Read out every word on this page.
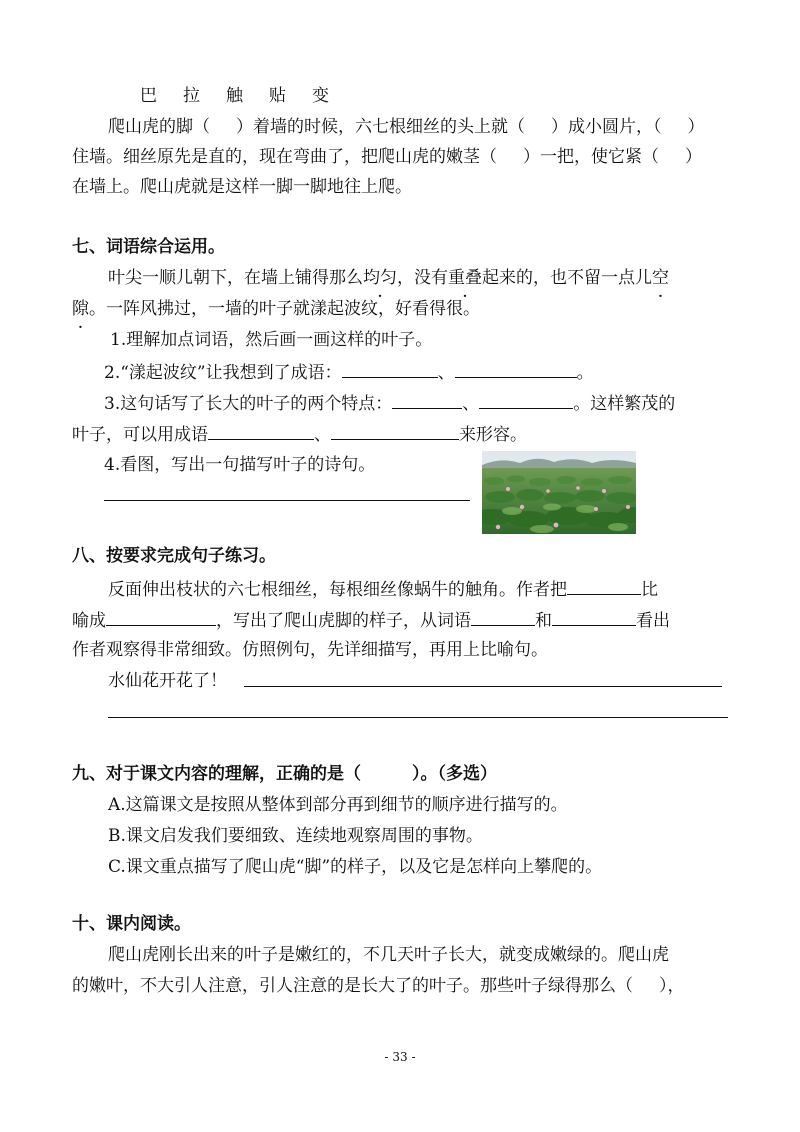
巴 拉 触 贴 变
爬山虎的脚（ ）着墙的时候，六七根细丝的头上就（ ）成小圆片，（ ）
住墙。细丝原先是直的，现在弯曲了，把爬山虎的嫩茎（ ）一把，使它紧（ ）
在墙上。爬山虎就是这样一脚一脚地往上爬。
七、词语综合运用。
叶尖一顺儿朝下，在墙上铺得那么均匀，没有重叠起来的，也不留一点儿空
隙。一阵风拂过，一墙的叶子就漾起波纹，好看得很。
1.理解加点词语，然后画一画这样的叶子。
2.“漾起波纹”让我想到了成语：	、	。
3.这句话写了长大的叶子的两个特点：	、	。这样繁茂的
叶子，可以用成语	、	来形容。
4.看图，写出一句描写叶子的诗句。
八、按要求完成句子练习。
反面伸出枝状的六七根细丝，每根细丝像蜗牛的触角。作者把	比
喻成	，写出了爬山虎脚的样子，从词语	和	看出
作者观察得非常细致。仿照例句，先详细描写，再用上比喻句。
水仙花开花了！
九、对于课文内容的理解，正确的是（　　　）。（多选）
A.这篇课文是按照从整体到部分再到细节的顺序进行描写的。
B.课文启发我们要细致、连续地观察周围的事物。
C.课文重点描写了爬山虎“脚”的样子，以及它是怎样向上攀爬的。
十、课内阅读。
爬山虎刚长出来的叶子是嫩红的，不几天叶子长大，就变成嫩绿的。爬山虎
的嫩叶，不大引人注意，引人注意的是长大了的叶子。那些叶子绿得那么（ ），
- 33 -
